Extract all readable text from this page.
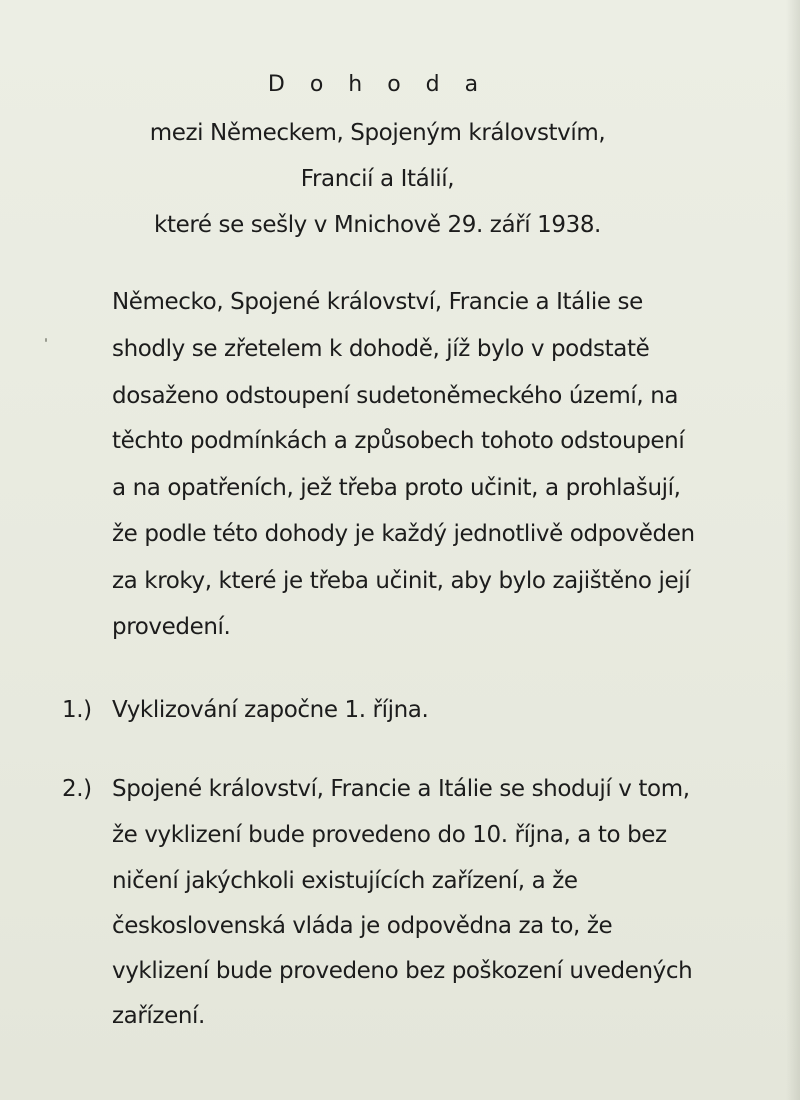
D o h o d a
mezi Německem, Spojeným královstvím,
Francií a Itálií,
které se sešly v Mnichově 29. září 1938.
Německo, Spojené království, Francie a Itálie se
shodly se zřetelem k dohodě, jíž bylo v podstatě
dosaženo odstoupení sudetoněmeckého území, na
těchto podmínkách a způsobech tohoto odstoupení
a na opatřeních, jež třeba proto učinit, a prohlašují,
že podle této dohody je každý jednotlivě odpověden
za kroky, které je třeba učinit, aby bylo zajištěno její
provedení.
1.) Vyklizování započne 1. října.
2.) Spojené království, Francie a Itálie se shodují v tom,
že vyklizení bude provedeno do 10. října, a to bez
ničení jakýchkoli existujících zařízení, a že
československá vláda je odpovědna za to, že
vyklizení bude provedeno bez poškození uvedených
zařízení.
